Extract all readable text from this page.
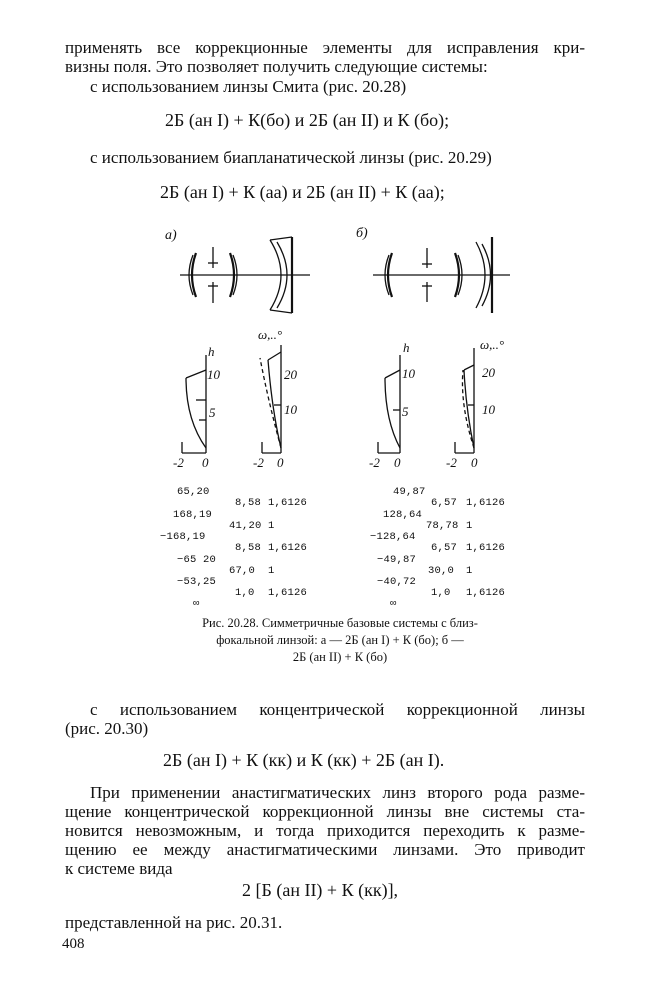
применять все коррекционные элементы для исправления кри-
визны поля. Это позволяет получить следующие системы:
с использованием линзы Смита (рис. 20.28)
2Б (ан I) + К(бо) и 2Б (ан II) и К (бо);
с использованием биапланатической линзы (рис. 20.29)
2Б (ан I) + К (аа) и 2Б (ан II) + К (аа);
а)	б)
h
10
5
-2 0
ω,..°
20
10
-2 0
h
10
5
-2 0
ω,..°
20
10
-2 0
65,20
168,19
−168,19
−65 20
−53,25
∞
8,58
41,20
8,58
67,0
1,0
1,6126
1
1,6126
1
1,6126
49,87
128,64
−128,64
−49,87
−40,72
∞
6,57
78,78
6,57
30,0
1,0
1,6126
1
1,6126
1
1,6126
Рис. 20.28. Симметричные базовые системы с близ-
фокальной линзой: а — 2Б (ан I) + К (бо); б —
2Б (ан II) + К (бо)
с использованием концентрической коррекционной линзы
(рис. 20.30)
2Б (ан I) + К (кк) и К (кк) + 2Б (ан I).
При применении анастигматических линз второго рода разме-
щение концентрической коррекционной линзы вне системы ста-
новится невозможным, и тогда приходится переходить к разме-
щению ее между анастигматическими линзами. Это приводит
к системе вида
2 [Б (ан II) + К (кк)],
представленной на рис. 20.31.
408
